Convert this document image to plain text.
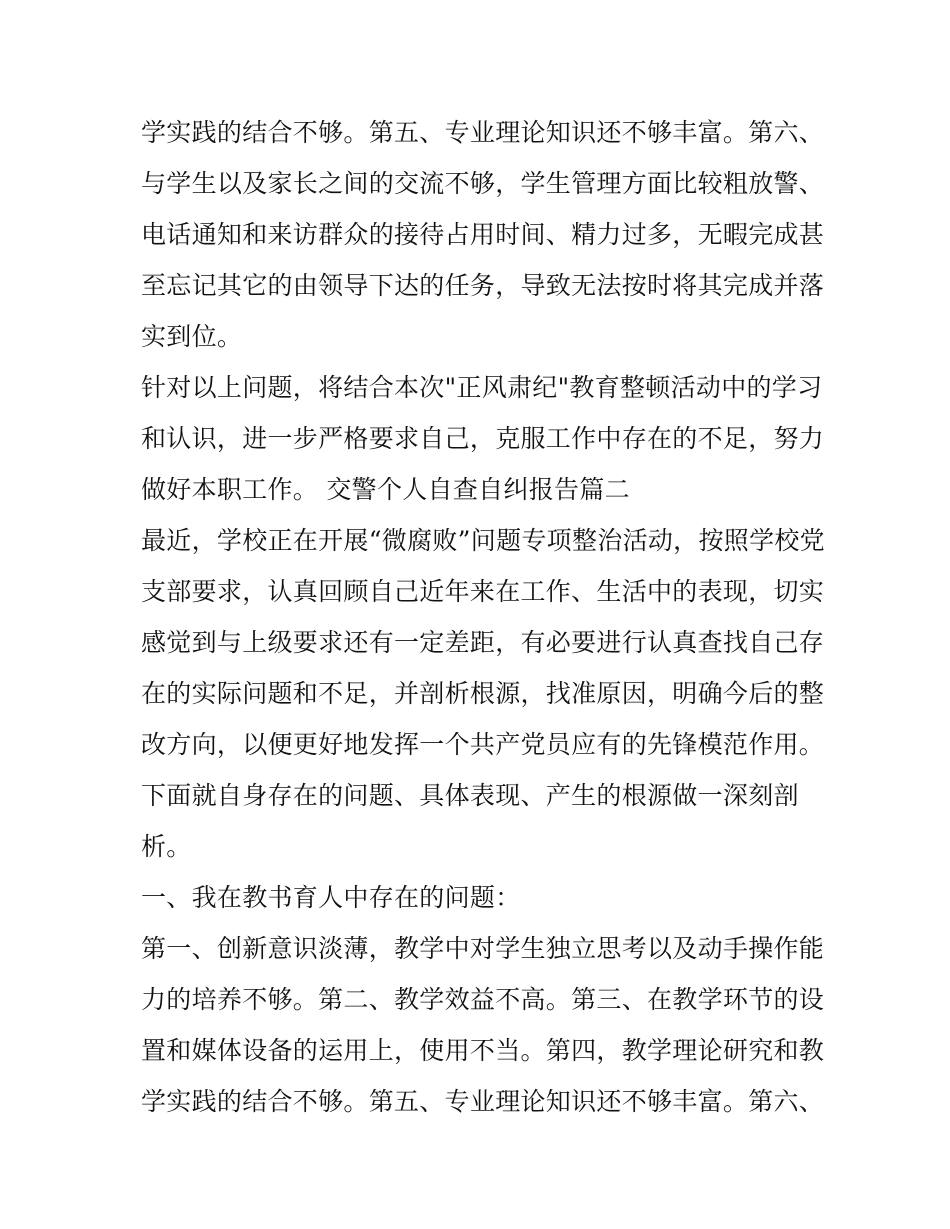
学实践的结合不够。第五、专业理论知识还不够丰富。第六、
与学生以及家长之间的交流不够，学生管理方面比较粗放警、
电话通知和来访群众的接待占用时间、精力过多，无暇完成甚
至忘记其它的由领导下达的任务，导致无法按时将其完成并落
实到位。
针对以上问题，将结合本次"正风肃纪"教育整顿活动中的学习
和认识，进一步严格要求自己，克服工作中存在的不足，努力
做好本职工作。 交警个人自查自纠报告篇二
最近，学校正在开展“微腐败”问题专项整治活动，按照学校党
支部要求，认真回顾自己近年来在工作、生活中的表现，切实
感觉到与上级要求还有一定差距，有必要进行认真查找自己存
在的实际问题和不足，并剖析根源，找准原因，明确今后的整
改方向，以便更好地发挥一个共产党员应有的先锋模范作用。
下面就自身存在的问题、具体表现、产生的根源做一深刻剖
析。
一、我在教书育人中存在的问题：
第一、创新意识淡薄，教学中对学生独立思考以及动手操作能
力的培养不够。第二、教学效益不高。第三、在教学环节的设
置和媒体设备的运用上，使用不当。第四，教学理论研究和教
学实践的结合不够。第五、专业理论知识还不够丰富。第六、
